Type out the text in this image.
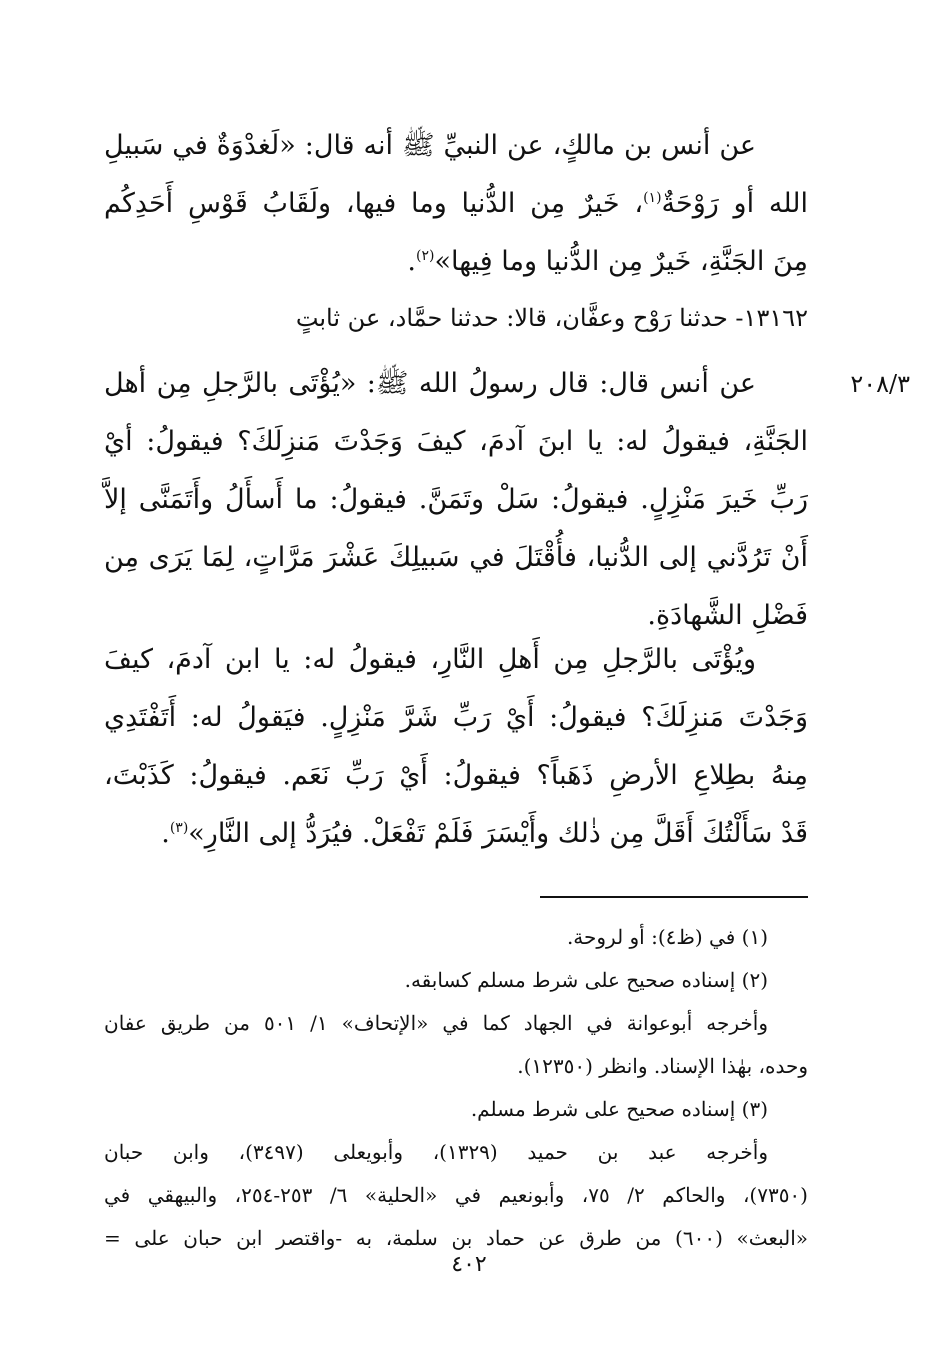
عن أنس بن مالكٍ، عن النبيِّ ﷺ أنه قال: «لَغدْوَةٌ في سَبيلِ
الله أو رَوْحَةٌ$^{(١)}$، خَيرٌ مِن الدُّنيا وما فيها، ولَقَابُ قَوْسِ أَحَدِكُم
مِنَ الجَنَّةِ، خَيرٌ مِن الدُّنيا وما فِيها»$^{(٢)}$.
١٣١٦٢- حدثنا رَوْح وعفَّان، قالا: حدثنا حمَّاد، عن ثابتٍ
٢٠٨/٣
عن أنس قال: قال رسولُ الله ﷺ: «يُؤْتَى بالرَّجلِ مِن أهل
الجَنَّةِ، فيقولُ له: يا ابنَ آدمَ، كيفَ وَجَدْتَ مَنزِلَكَ؟ فيقولُ: أيْ
رَبِّ خَيرَ مَنْزِلٍ. فيقولُ: سَلْ وتَمَنَّ. فيقولُ: ما أَسأَلُ وأَتَمَنَّى إلاَّ
أَنْ تَرُدَّني إلى الدُّنيا، فأُقْتَلَ في سَبيلِكَ عَشْرَ مَرَّاتٍ، لِمَا يَرَى مِن
فَضْلِ الشَّهادَةِ.
ويُؤْتَى بالرَّجلِ مِن أَهلِ النَّارِ، فيقولُ له: يا ابن آدمَ، كيفَ
وَجَدْتَ مَنزِلَكَ؟ فيقولُ: أَيْ رَبِّ شَرَّ مَنْزِلٍ. فيَقولُ له: أَتَفْتَدِي
مِنهُ بطِلاعِ الأرضِ ذَهَباً؟ فيقولُ: أَيْ رَبِّ نَعَم. فيقولُ: كَذَبْتَ،
قَدْ سَأَلْتُكَ أَقَلَّ مِن ذٰلك وأَيْسَرَ فَلَمْ تَفْعَلْ. فيُرَدُّ إلى النَّارِ»$^{(٣)}$.
(١) في (ظ٤): أو لروحة.
(٢) إسناده صحيح على شرط مسلم كسابقه.
وأخرجه أبوعوانة في الجهاد كما في «الإتحاف» ١/ ٥٠١ من طريق عفان
وحده، بهٰذا الإسناد. وانظر (١٢٣٥٠).
(٣) إسناده صحيح على شرط مسلم.
وأخرجه عبد بن حميد (١٣٢٩)، وأبويعلى (٣٤٩٧)، وابن حبان
(٧٣٥٠)، والحاكم ٢/ ٧٥، وأبونعيم في «الحلية» ٦/ ٢٥٣-٢٥٤، والبيهقي في
«البعث» (٦٠٠) من طرق عن حماد بن سلمة، به -واقتصر ابن حبان على =
٤٠٢
